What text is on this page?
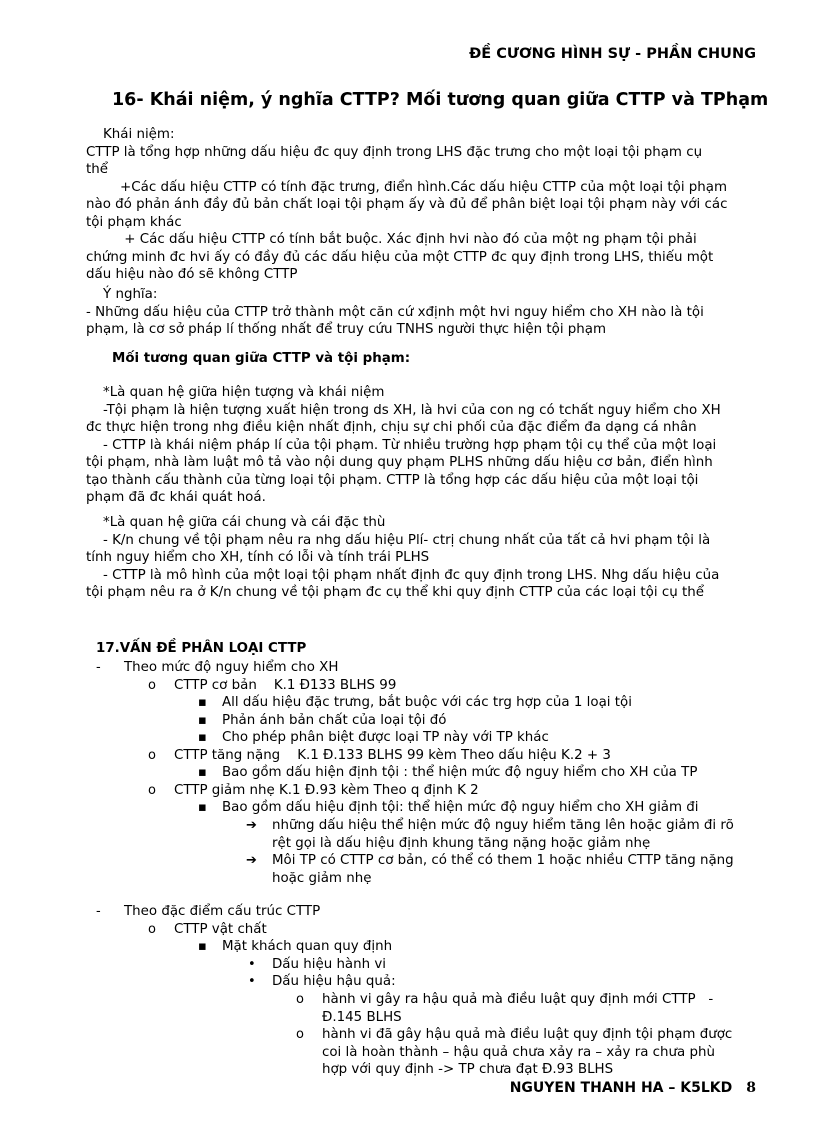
ĐỀ CƯƠNG HÌNH SỰ - PHẦN CHUNG
16- Khái niệm, ý nghĩa CTTP? Mối tương quan giữa CTTP và TPhạm
Khái niệm:
CTTP là tổng hợp những dấu hiệu đc quy định trong LHS đặc trưng cho một loại tội phạm cụ
thể
+Các dấu hiệu CTTP có tính đặc trưng, điển hình.Các dấu hiệu CTTP của một loại tội phạm
nào đó phản ánh đầy đủ bản chất loại tội phạm ấy và đủ để phân biệt loại tội phạm này với các
tội phạm khác
+ Các dấu hiệu CTTP có tính bắt buộc. Xác định hvi nào đó của một ng phạm tội phải
chứng minh đc hvi ấy có đầy đủ các dấu hiệu của một CTTP đc quy định trong LHS, thiếu một
dấu hiệu nào đó sẽ không CTTP
Ý nghĩa:
- Những dấu hiệu của CTTP trở thành một căn cứ xđịnh một hvi nguy hiểm cho XH nào là tội
phạm, là cơ sở pháp lí thống nhất để truy cứu TNHS người thực hiện tội phạm
Mối tương quan giữa CTTP và tội phạm:
*Là quan hệ giữa hiện tượng và khái niệm
-Tội phạm là hiện tượng xuất hiện trong ds XH, là hvi của con ng có tchất nguy hiểm cho XH
đc thực hiện trong nhg điều kiện nhất định, chịu sự chi phối của đặc điểm đa dạng cá nhân
- CTTP là khái niệm pháp lí của tội phạm. Từ nhiều trường hợp phạm tội cụ thể của một loại
tội phạm, nhà làm luật mô tả vào nội dung quy phạm PLHS những dấu hiệu cơ bản, điển hình
tạo thành cấu thành của từng loại tội phạm. CTTP là tổng hợp các dấu hiệu của một loại tội
phạm đã đc khái quát hoá.
*Là quan hệ giữa cái chung và cái đặc thù
- K/n chung về tội phạm nêu ra nhg dấu hiệu Plí- ctrị chung nhất của tất cả hvi phạm tội là
tính nguy hiểm cho XH, tính có lỗi và tính trái PLHS
- CTTP là mô hình của một loại tội phạm nhất định đc quy định trong LHS. Nhg dấu hiệu của
tội phạm nêu ra ở K/n chung về tội phạm đc cụ thể khi quy định CTTP của các loại tội cụ thể
17.VẤN ĐỀ PHÂN LOẠI CTTP
- Theo mức độ nguy hiểm cho XH
o CTTP cơ bản    K.1 Đ133 BLHS 99
▪ All dấu hiệu đặc trưng, bắt buộc với các trg hợp của 1 loại tội
▪ Phản ánh bản chất của loại tội đó
▪ Cho phép phân biệt được loại TP này với TP khác
o CTTP tăng nặng    K.1 Đ.133 BLHS 99 kèm Theo dấu hiệu K.2 + 3
▪ Bao gồm dấu hiện định tội : thể hiện mức độ nguy hiểm cho XH của TP
o CTTP giảm nhẹ K.1 Đ.93 kèm Theo q định K 2
▪ Bao gồm dấu hiệu định tội: thể hiện mức độ nguy hiểm cho XH giảm đi
➔ những dấu hiệu thể hiện mức độ nguy hiểm tăng lên hoặc giảm đi rõ
rệt gọi là dấu hiệu định khung tăng nặng hoặc giảm nhẹ
➔ Môi TP có CTTP cơ bản, có thể có them 1 hoặc nhiều CTTP tăng nặng
hoặc giảm nhẹ
- Theo đặc điểm cấu trúc CTTP
o CTTP vật chất
▪ Mặt khách quan quy định
• Dấu hiệu hành vi
• Dấu hiệu hậu quả:
o hành vi gây ra hậu quả mà điều luật quy định mới CTTP   -
Đ.145 BLHS
o hành vi đã gây hậu quả mà điều luật quy định tội phạm được
coi là hoàn thành – hậu quả chưa xảy ra – xảy ra chưa phù
hợp với quy định -> TP chưa đạt Đ.93 BLHS
NGUYEN THANH HA – K5LKD 8
